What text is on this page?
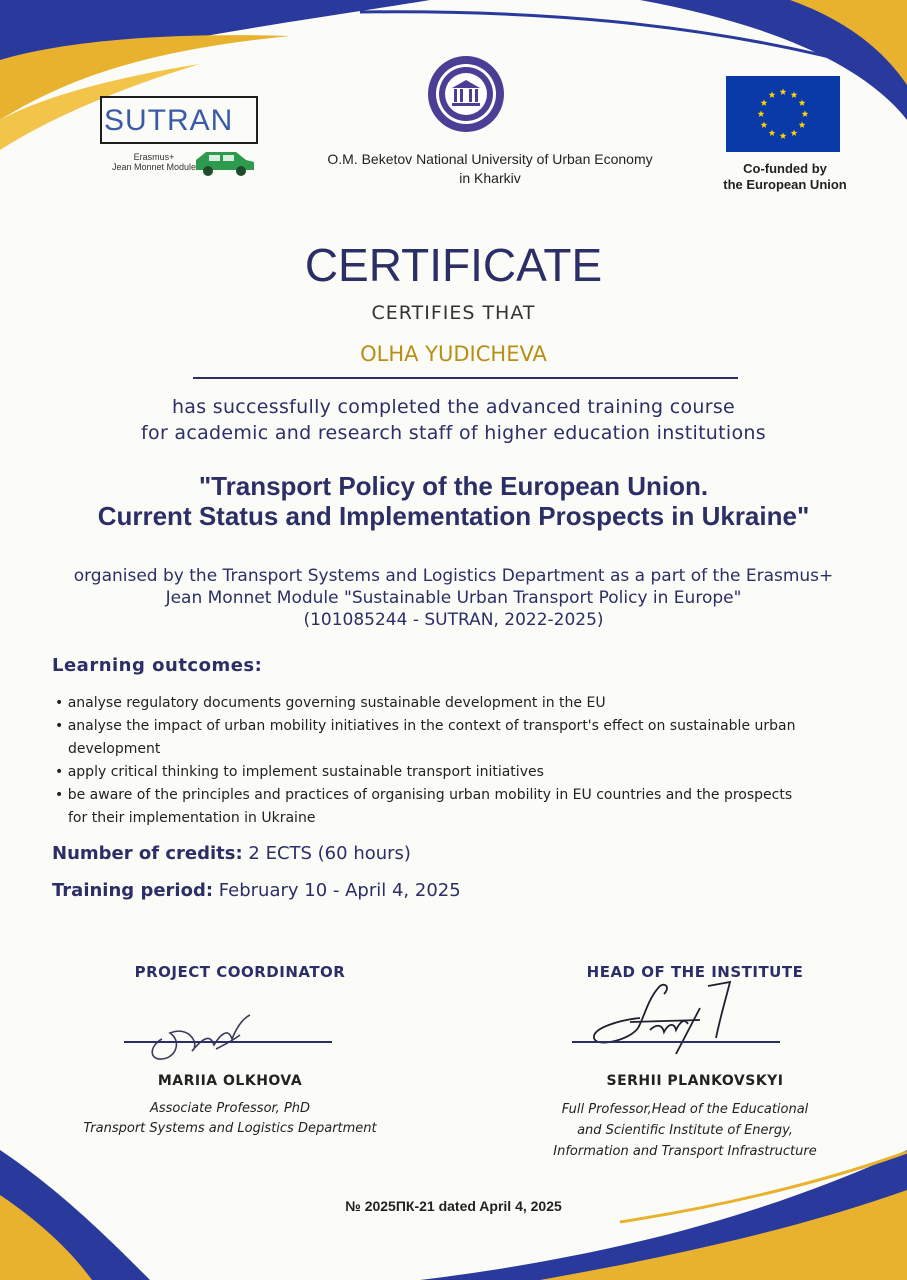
SUTRAN
Erasmus+
Jean Monnet Module	O.M. Beketov National University of Urban Economy
in Kharkiv
Co-funded by
the European Union
CERTIFICATE
CERTIFIES THAT
OLHA YUDICHEVA
has successfully completed the advanced training course
for academic and research staff of higher education institutions
"Transport Policy of the European Union.
Current Status and Implementation Prospects in Ukraine"
organised by the Transport Systems and Logistics Department as a part of the Erasmus+
Jean Monnet Module "Sustainable Urban Transport Policy in Europe"
(101085244 - SUTRAN, 2022-2025)
Learning outcomes:
• analyse regulatory documents governing sustainable development in the EU
• analyse the impact of urban mobility initiatives in the context of transport's effect on sustainable urban development
• apply critical thinking to implement sustainable transport initiatives
• be aware of the principles and practices of organising urban mobility in EU countries and the prospects for their implementation in Ukraine
Number of credits: 2 ECTS (60 hours)
Training period: February 10 - April 4, 2025
PROJECT COORDINATOR	HEAD OF THE INSTITUTE
MARIIA OLKHOVA
Associate Professor, PhD
Transport Systems and Logistics Department
SERHII PLANKOVSKYI
Full Professor,Head of the Educational
and Scientific Institute of Energy,
Information and Transport Infrastructure
№ 2025ПК-21 dated April 4, 2025
